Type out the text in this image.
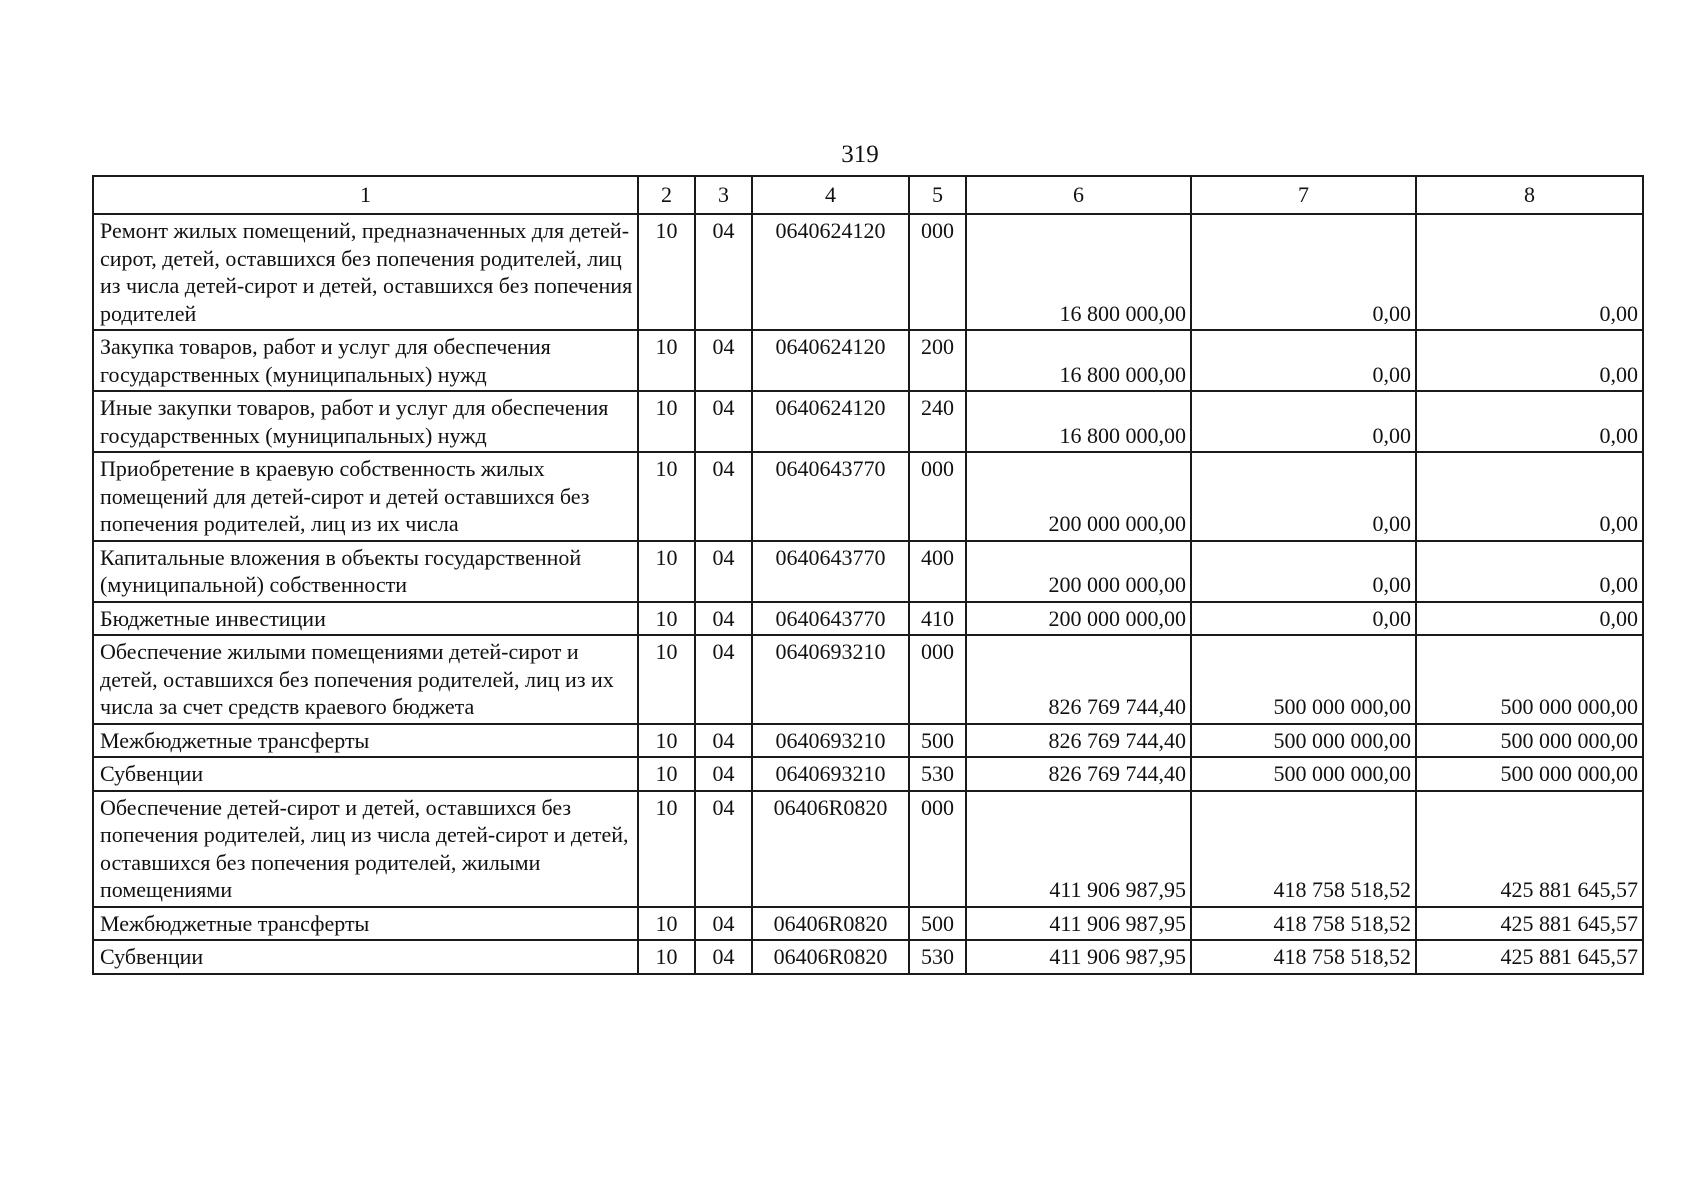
319
1	2	3	4	5	6	7	8
Ремонт жилых помещений, предназначенных для детей-сирот, детей, оставшихся без попечения родителей, лиц из числа детей-сирот и детей, оставшихся без попечения родителей	10	04	0640624120	000	16 800 000,00	0,00	0,00
Закупка товаров, работ и услуг для обеспечения государственных (муниципальных) нужд	10	04	0640624120	200	16 800 000,00	0,00	0,00
Иные закупки товаров, работ и услуг для обеспечения государственных (муниципальных) нужд	10	04	0640624120	240	16 800 000,00	0,00	0,00
Приобретение в краевую собственность жилых помещений для детей-сирот и детей оставшихся без попечения родителей, лиц из их числа	10	04	0640643770	000	200 000 000,00	0,00	0,00
Капитальные вложения в объекты государственной (муниципальной) собственности	10	04	0640643770	400	200 000 000,00	0,00	0,00
Бюджетные инвестиции	10	04	0640643770	410	200 000 000,00	0,00	0,00
Обеспечение жилыми помещениями детей-сирот и детей, оставшихся без попечения родителей, лиц из их числа за счет средств краевого бюджета	10	04	0640693210	000	826 769 744,40	500 000 000,00	500 000 000,00
Межбюджетные трансферты	10	04	0640693210	500	826 769 744,40	500 000 000,00	500 000 000,00
Субвенции	10	04	0640693210	530	826 769 744,40	500 000 000,00	500 000 000,00
Обеспечение детей-сирот и детей, оставшихся без попечения родителей, лиц из числа детей-сирот и детей, оставшихся без попечения родителей, жилыми помещениями	10	04	06406R0820	000	411 906 987,95	418 758 518,52	425 881 645,57
Межбюджетные трансферты	10	04	06406R0820	500	411 906 987,95	418 758 518,52	425 881 645,57
Субвенции	10	04	06406R0820	530	411 906 987,95	418 758 518,52	425 881 645,57
